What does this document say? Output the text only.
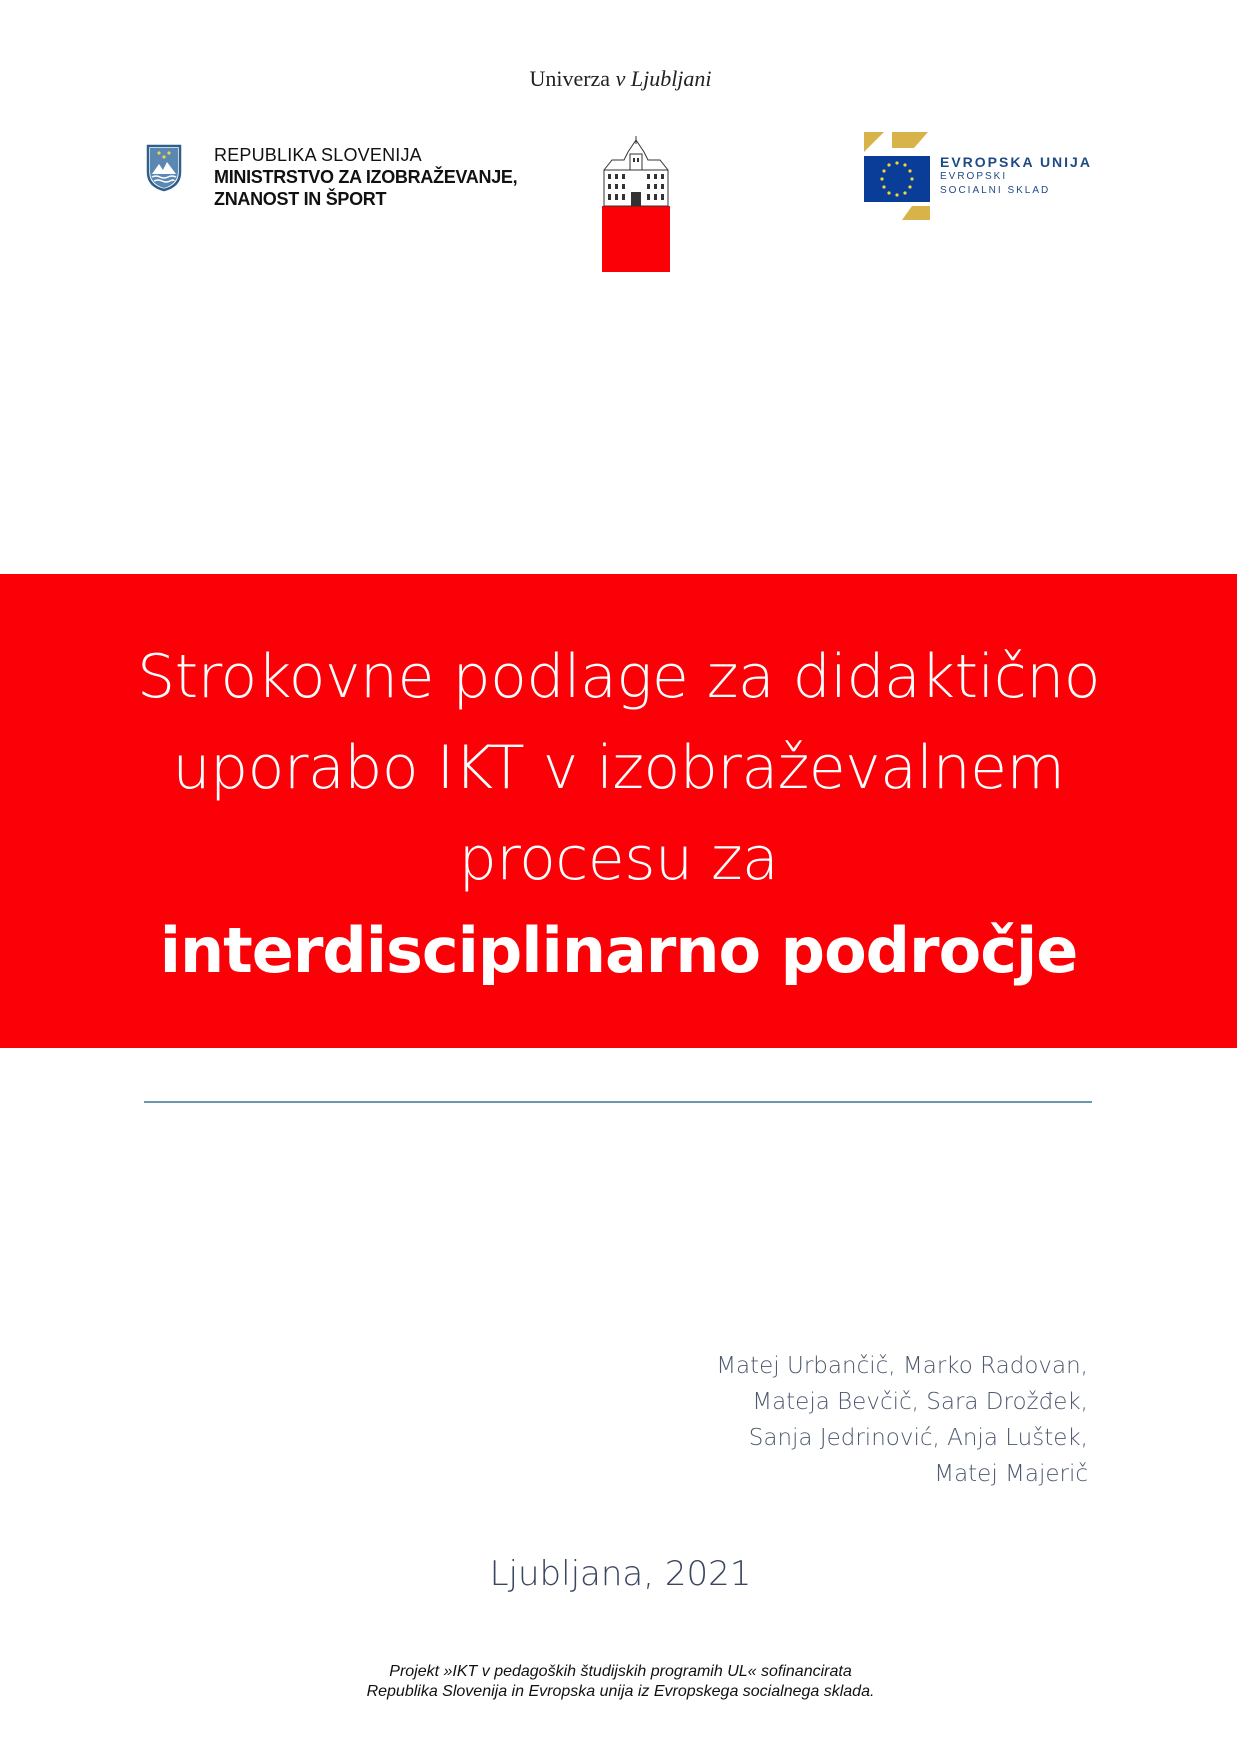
Univerza v Ljubljani
REPUBLIKA SLOVENIJA
MINISTRSTVO ZA IZOBRAŽEVANJE,
ZNANOST IN ŠPORT
EVROPSKA UNIJA
EVROPSKI
SOCIALNI SKLAD
Strokovne podlage za didaktično
uporabo IKT v izobraževalnem
procesu za
interdisciplinarno področje
Matej Urbančič, Marko Radovan,
Mateja Bevčič, Sara Drožđek,
Sanja Jedrinović, Anja Luštek,
Matej Majerič
Ljubljana, 2021
Projekt »IKT v pedagoških študijskih programih UL« sofinancirata
Republika Slovenija in Evropska unija iz Evropskega socialnega sklada.
